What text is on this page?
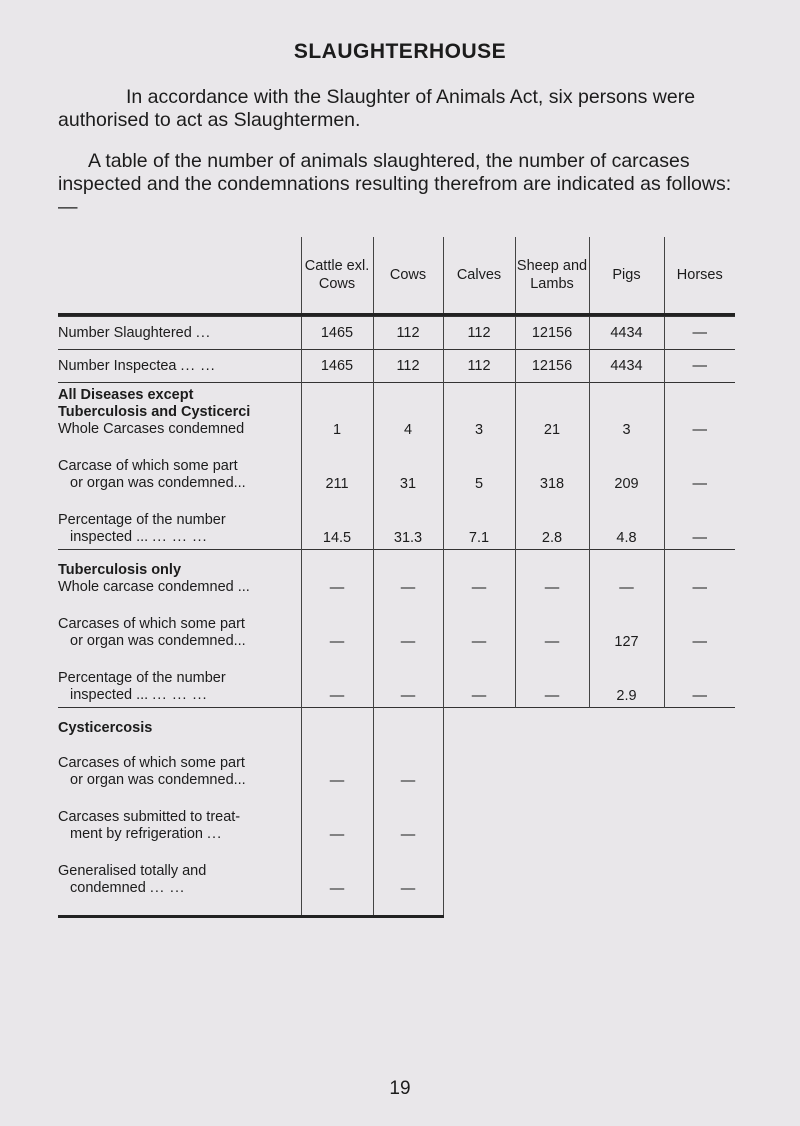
SLAUGHTERHOUSE
In accordance with the Slaughter of Animals Act, six persons were authorised to act as Slaughtermen.
A table of the number of animals slaughtered, the number of carcases inspected and the condemnations resulting therefrom are indicated as follows:—

	Cattle exl. Cows	Cows	Calves	Sheep and Lambs	Pigs	Horses
Number Slaughtered ...	1465	112	112	12156	4434	—
Number Inspectea ... ...	1465	112	112	12156	4434	—

All Diseases except Tuberculosis and Cysticerci
Whole Carcases condemned	1	4	3	21	3	—

Carcase of which some part
or organ was condemned...	211	31	5	318	209	—

Percentage of the number
inspected ... ... ... ...	14.5	31.3	7.1	2.8	4.8	—

Tuberculosis only
Whole carcase condemned ...	—	—	—	—	—	—

Carcases of which some part
or organ was condemned...	—	—	—	—	127	—

Percentage of the number
inspected ... ... ... ...	—	—	—	—	2.9	—

Cysticercosis
Carcases of which some part
or organ was condemned...	—	—				

Carcases submitted to treat-
ment by refrigeration ...	—	—				

Generalised totally and
condemned ... ...	—	—				

19
